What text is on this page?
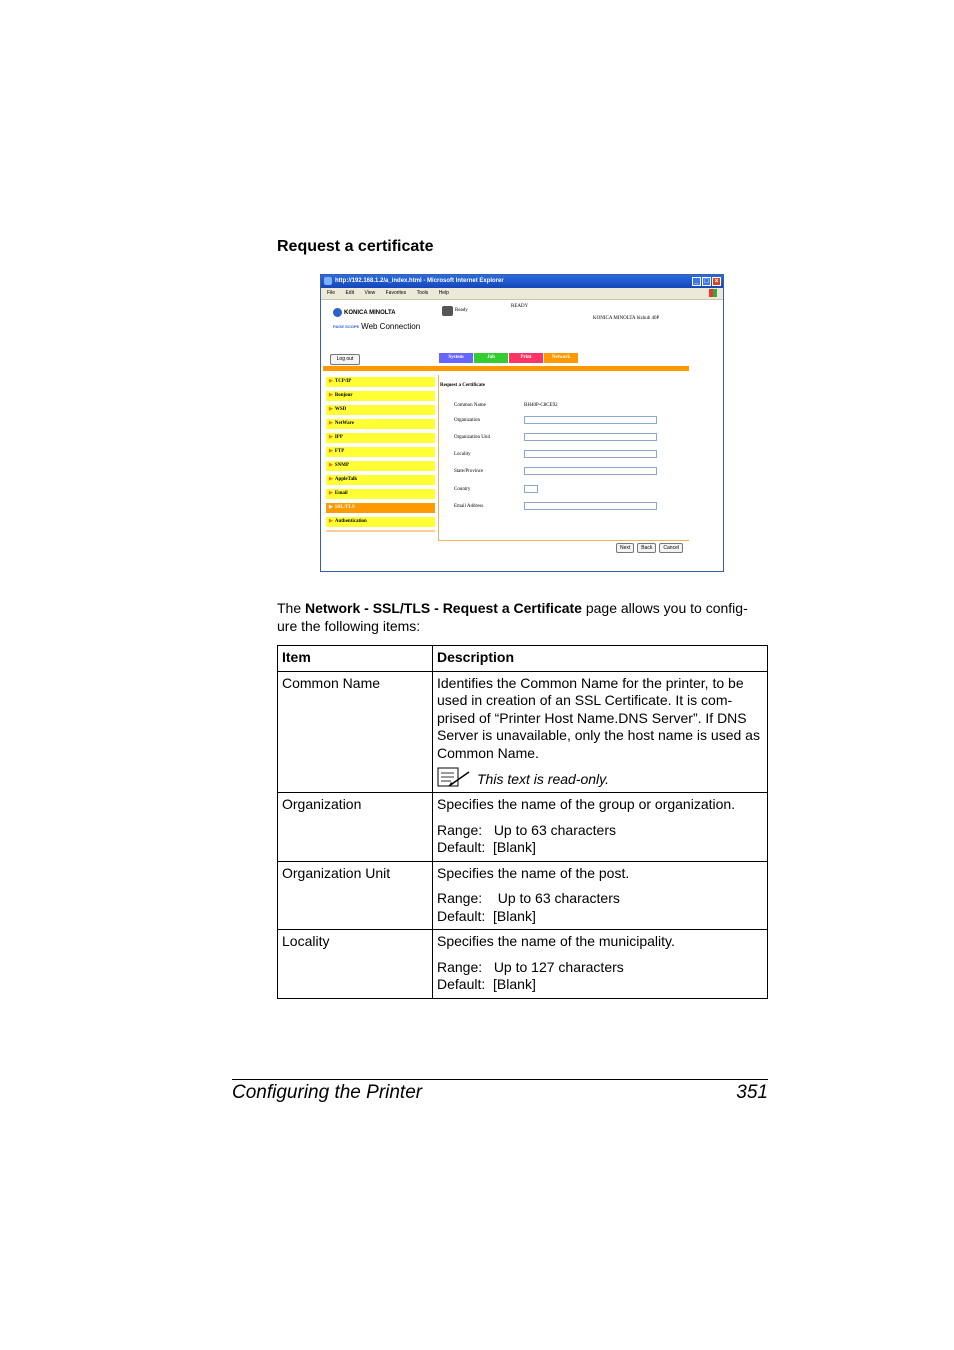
Request a certificate
http://192.168.1.2/a_index.html - Microsoft Internet Explorer	_ □ ×
File Edit View Favorites Tools Help
KONICA MINOLTA
PAGE SCOPE Web Connection
Ready
READY
KONICA MINOLTA bizhub 40P
Log out	System	Job	Print	Network
▶ TCP/IP
▶ Bonjour
▶ WSD
▶ NetWare
▶ IPP
▶ FTP
▶ SNMP
▶ AppleTalk
▶ Email
▶ SSL/TLS
▶ Authentication
Request a Certificate
Common Name	BH40P-C8CE92
Organization
Organization Unit
Locality
State/Province
Country
Email Address
Next	Back	Cancel
The Network - SSL/TLS - Request a Certificate page allows you to config-ure the following items:
Item	Description
Common Name	Identifies the Common Name for the printer, to be used in creation of an SSL Certificate. It is com-prised of “Printer Host Name.DNS Server”. If DNS Server is unavailable, only the host name is used as Common Name.
This text is read-only.

Organization	Specifies the name of the group or organization.
Range:   Up to 63 characters
Default:  [Blank]

Organization Unit	Specifies the name of the post.
Range:    Up to 63 characters
Default:  [Blank]

Locality	Specifies the name of the municipality.
Range:   Up to 127 characters
Default:  [Blank]
Configuring the Printer	351
